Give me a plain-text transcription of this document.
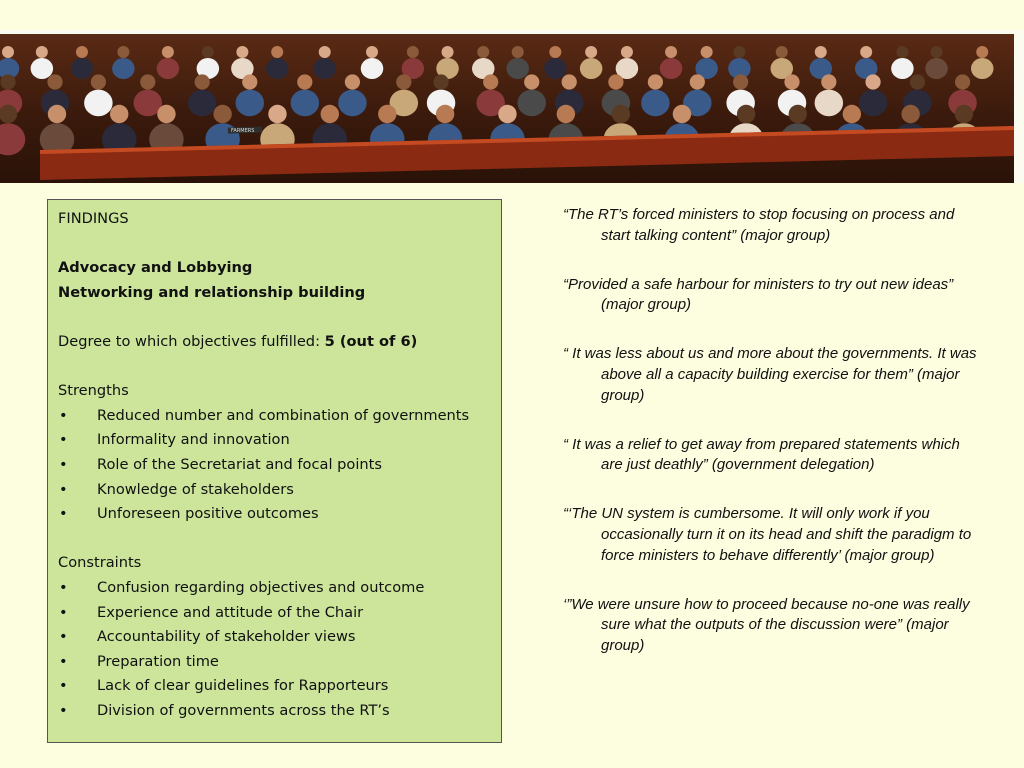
FARMERS

FINDINGS

Advocacy and Lobbying

Networking and relationship building

Degree to which objectives fulfilled: 5 (out of 6)

Strengths

• Reduced number and combination of governments
• Informality and innovation
• Role of the Secretariat and focal points
• Knowledge of stakeholders
• Unforeseen positive outcomes

Constraints

• Confusion regarding objectives and outcome
• Experience and attitude of the Chair
• Accountability of stakeholder views
• Preparation time
• Lack of clear guidelines for Rapporteurs
• Division of governments across the RT’s

“The RT’s forced ministers to stop focusing on process and start talking content” (major group)

“Provided a safe harbour for ministers to try out new ideas” (major group)

“ It was less about us and more about the governments. It was above all a capacity building exercise for them” (major group)

“ It was a relief to get away from prepared statements which are just deathly” (government delegation)

“‘The UN system is cumbersome. It will only work if you occasionally turn it on its head and shift the paradigm to force ministers to behave differently’ (major group)

‘”We were unsure how to proceed because no-one was really sure what the outputs of the discussion were” (major group)
